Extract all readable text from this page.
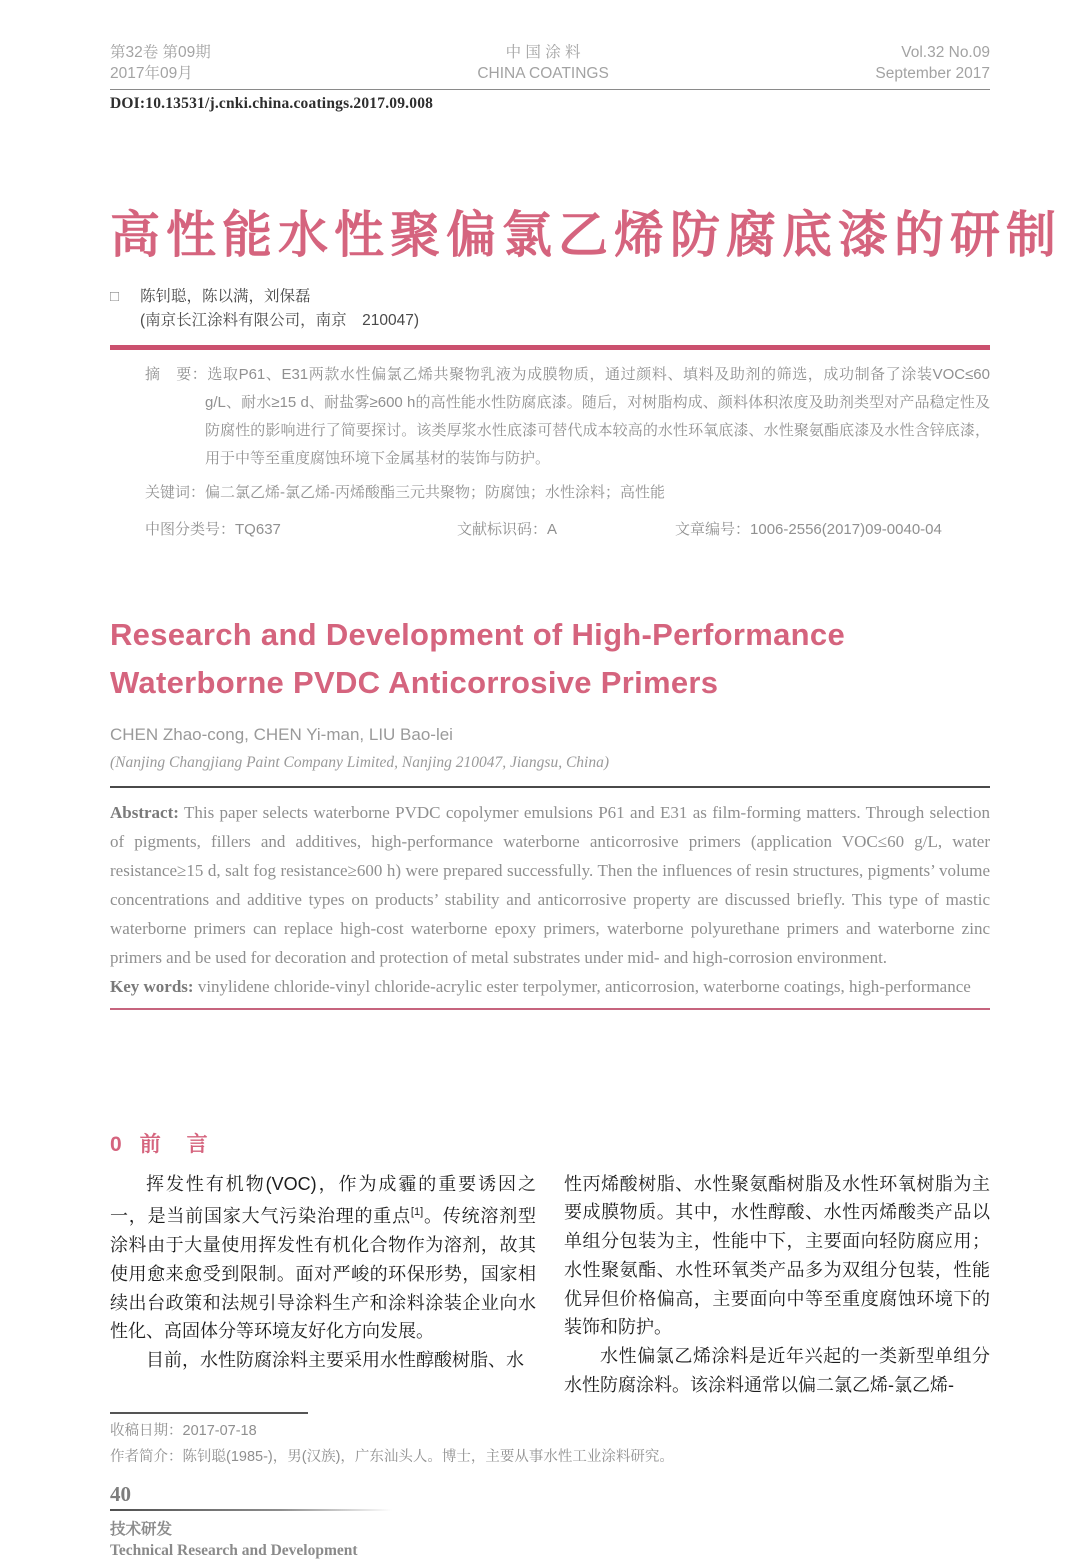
第32卷 第09期
2017年09月
中 国 涂 料
CHINA COATINGS
Vol.32 No.09
September 2017
DOI:10.13531/j.cnki.china.coatings.2017.09.008
高性能水性聚偏氯乙烯防腐底漆的研制
□ 陈钊聪，陈以满，刘保磊
(南京长江涂料有限公司，南京　210047)
摘　要：选取P61、E31两款水性偏氯乙烯共聚物乳液为成膜物质，通过颜料、填料及助剂的筛选，成功制备了涂装VOC≤60 g/L、耐水≥15 d、耐盐雾≥600 h的高性能水性防腐底漆。随后，对树脂构成、颜料体积浓度及助剂类型对产品稳定性及防腐性的影响进行了简要探讨。该类厚浆水性底漆可替代成本较高的水性环氧底漆、水性聚氨酯底漆及水性含锌底漆，用于中等至重度腐蚀环境下金属基材的装饰与防护。
关键词：偏二氯乙烯-氯乙烯-丙烯酸酯三元共聚物；防腐蚀；水性涂料；高性能
中图分类号：TQ637	文献标识码：A	文章编号：1006-2556(2017)09-0040-04
Research and Development of High-Performance
Waterborne PVDC Anticorrosive Primers
CHEN Zhao-cong, CHEN Yi-man, LIU Bao-lei
(Nanjing Changjiang Paint Company Limited, Nanjing 210047, Jiangsu, China)
Abstract: This paper selects waterborne PVDC copolymer emulsions P61 and E31 as film-forming matters. Through selection of pigments, fillers and additives, high-performance waterborne anticorrosive primers (application VOC≤60 g/L, water resistance≥15 d, salt fog resistance≥600 h) were prepared successfully. Then the influences of resin structures, pigments’ volume concentrations and additive types on products’ stability and anticorrosive property are discussed briefly. This type of mastic waterborne primers can replace high-cost waterborne epoxy primers, waterborne polyurethane primers and waterborne zinc primers and be used for decoration and protection of metal substrates under mid- and high-corrosion environment.
Key words: vinylidene chloride-vinyl chloride-acrylic ester terpolymer, anticorrosion, waterborne coatings, high-performance
0 前言

挥发性有机物(VOC)，作为成霾的重要诱因之一，是当前国家大气污染治理的重点[1]。传统溶剂型涂料由于大量使用挥发性有机化合物作为溶剂，故其使用愈来愈受到限制。面对严峻的环保形势，国家相续出台政策和法规引导涂料生产和涂料涂装企业向水性化、高固体分等环境友好化方向发展。

目前，水性防腐涂料主要采用水性醇酸树脂、水

性丙烯酸树脂、水性聚氨酯树脂及水性环氧树脂为主要成膜物质。其中，水性醇酸、水性丙烯酸类产品以单组分包装为主，性能中下，主要面向轻防腐应用；水性聚氨酯、水性环氧类产品多为双组分包装，性能优异但价格偏高，主要面向中等至重度腐蚀环境下的装饰和防护。

水性偏氯乙烯涂料是近年兴起的一类新型单组分水性防腐涂料。该涂料通常以偏二氯乙烯-氯乙烯-

收稿日期：2017-07-18
作者简介：陈钊聪(1985-)，男(汉族)，广东汕头人。博士，主要从事水性工业涂料研究。
40
技术研发
Technical Research and Development
